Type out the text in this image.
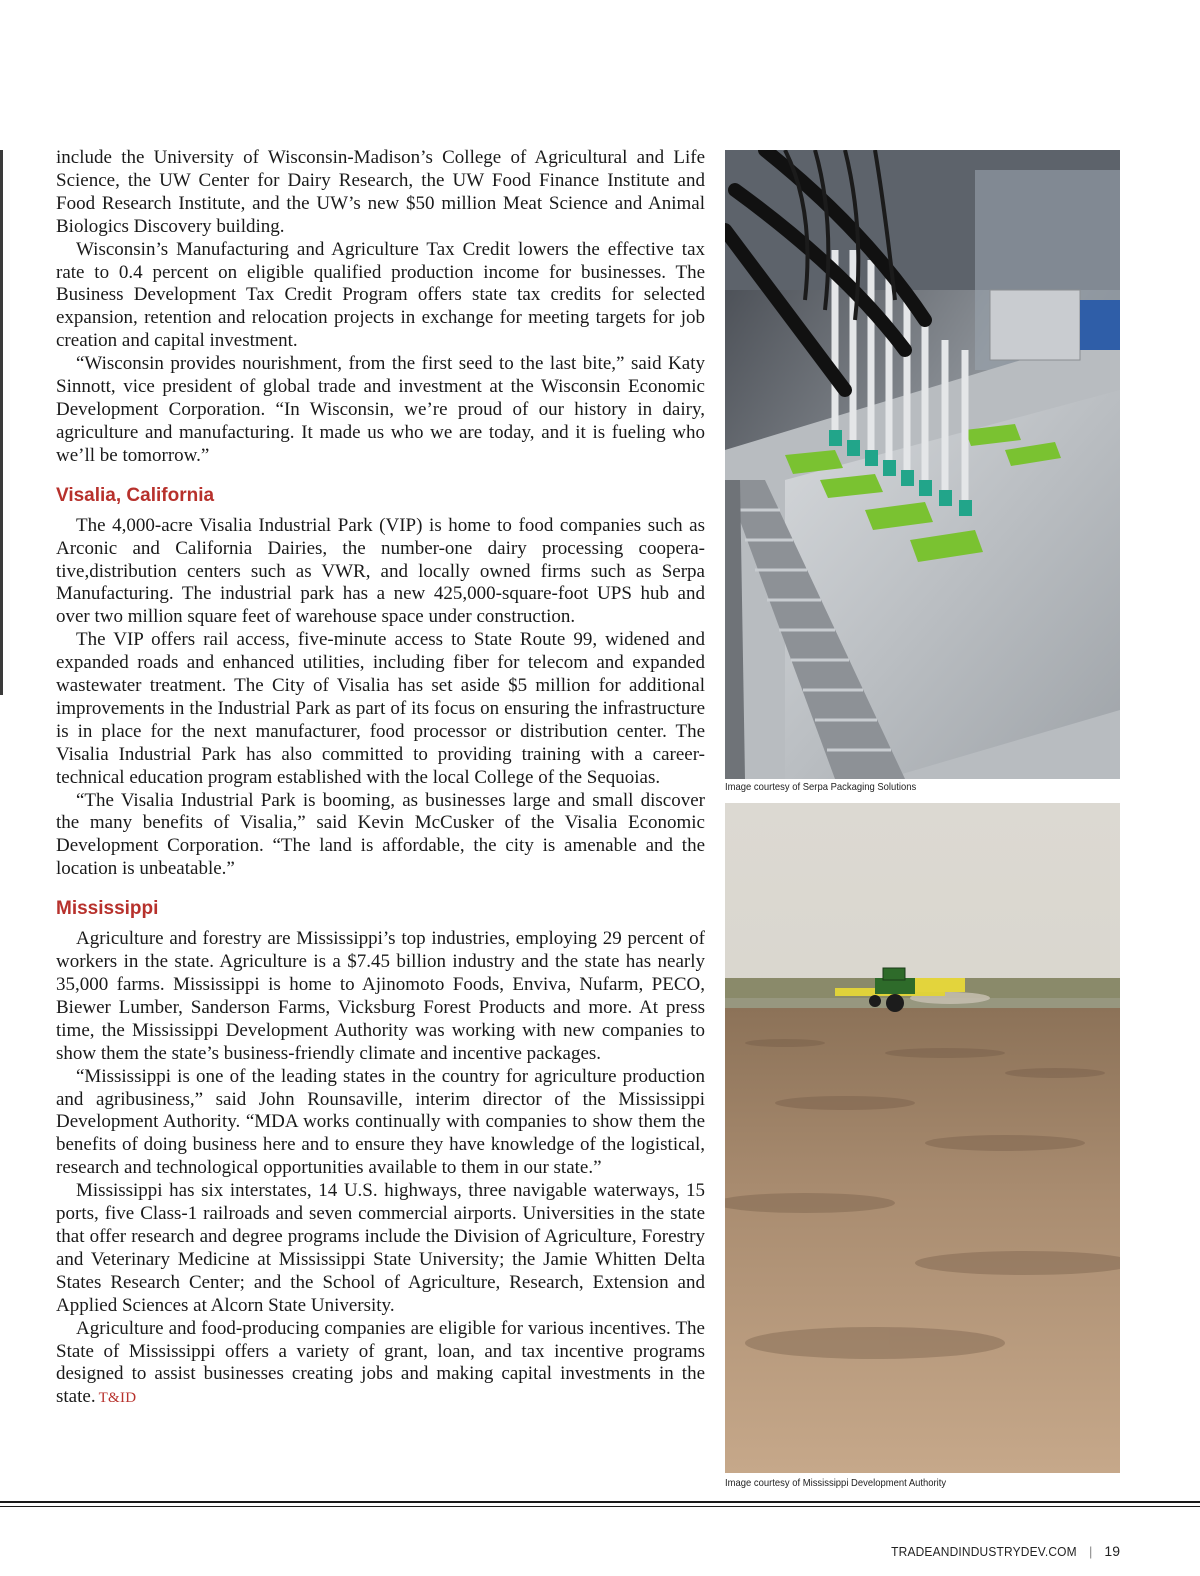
include the University of Wisconsin-Madison’s College of Agricultural and Life Science, the UW Center for Dairy Research, the UW Food Finance Institute and Food Research Institute, and the UW’s new $50 million Meat Science and Animal Biologics Discovery building.

Wisconsin’s Manufacturing and Agriculture Tax Credit lowers the effective tax rate to 0.4 percent on eligible qualified production income for businesses. The Business Development Tax Credit Program offers state tax credits for selected expansion, retention and relocation projects in exchange for meeting targets for job creation and capital investment.

“Wisconsin provides nourishment, from the first seed to the last bite,” said Katy Sinnott, vice president of global trade and investment at the Wisconsin Economic Development Corporation. “In Wisconsin, we’re proud of our history in dairy, agriculture and manufacturing. It made us who we are today, and it is fueling who we’ll be tomorrow.”

Visalia, California

The 4,000-acre Visalia Industrial Park (VIP) is home to food companies such as Arconic and California Dairies, the number-one dairy processing cooperative,distribution centers such as VWR, and locally owned firms such as Serpa Manufacturing. The industrial park has a new 425,000-square-foot UPS hub and over two million square feet of warehouse space under construction.

The VIP offers rail access, five-minute access to State Route 99, widened and expanded roads and enhanced utilities, including fiber for telecom and expanded wastewater treatment. The City of Visalia has set aside $5 million for additional improvements in the Industrial Park as part of its focus on ensuring the infrastructure is in place for the next manufacturer, food processor or distribution center. The Visalia Industrial Park has also committed to providing training with a career-technical education program established with the local College of the Sequoias.

“The Visalia Industrial Park is booming, as businesses large and small discover the many benefits of Visalia,” said Kevin McCusker of the Visalia Economic Development Corporation. “The land is affordable, the city is amenable and the location is unbeatable.”

Mississippi

Agriculture and forestry are Mississippi’s top industries, employing 29 percent of workers in the state. Agriculture is a $7.45 billion industry and the state has nearly 35,000 farms. Mississippi is home to Ajinomoto Foods, Enviva, Nufarm, PECO, Biewer Lumber, Sanderson Farms, Vicksburg Forest Products and more. At press time, the Mississippi Development Authority was working with new companies to show them the state’s business-friendly climate and incentive packages.

“Mississippi is one of the leading states in the country for agriculture production and agribusiness,” said John Rounsaville, interim director of the Mississippi Development Authority. “MDA works continually with companies to show them the benefits of doing business here and to ensure they have knowledge of the logistical, research and technological opportunities available to them in our state.”

Mississippi has six interstates, 14 U.S. highways, three navigable waterways, 15 ports, five Class-1 railroads and seven commercial airports. Universities in the state that offer research and degree programs include the Division of Agriculture, Forestry and Veterinary Medicine at Mississippi State University; the Jamie Whitten Delta States Research Center; and the School of Agriculture, Research, Extension and Applied Sciences at Alcorn State University.

Agriculture and food-producing companies are eligible for various incentives. The State of Mississippi offers a variety of grant, loan, and tax incentive programs designed to assist businesses creating jobs and making capital investments in the state. T&ID

Image courtesy of Serpa Packaging Solutions
Image courtesy of Mississippi Development Authority
TRADEANDINDUSTRYDEV.COM | 19
